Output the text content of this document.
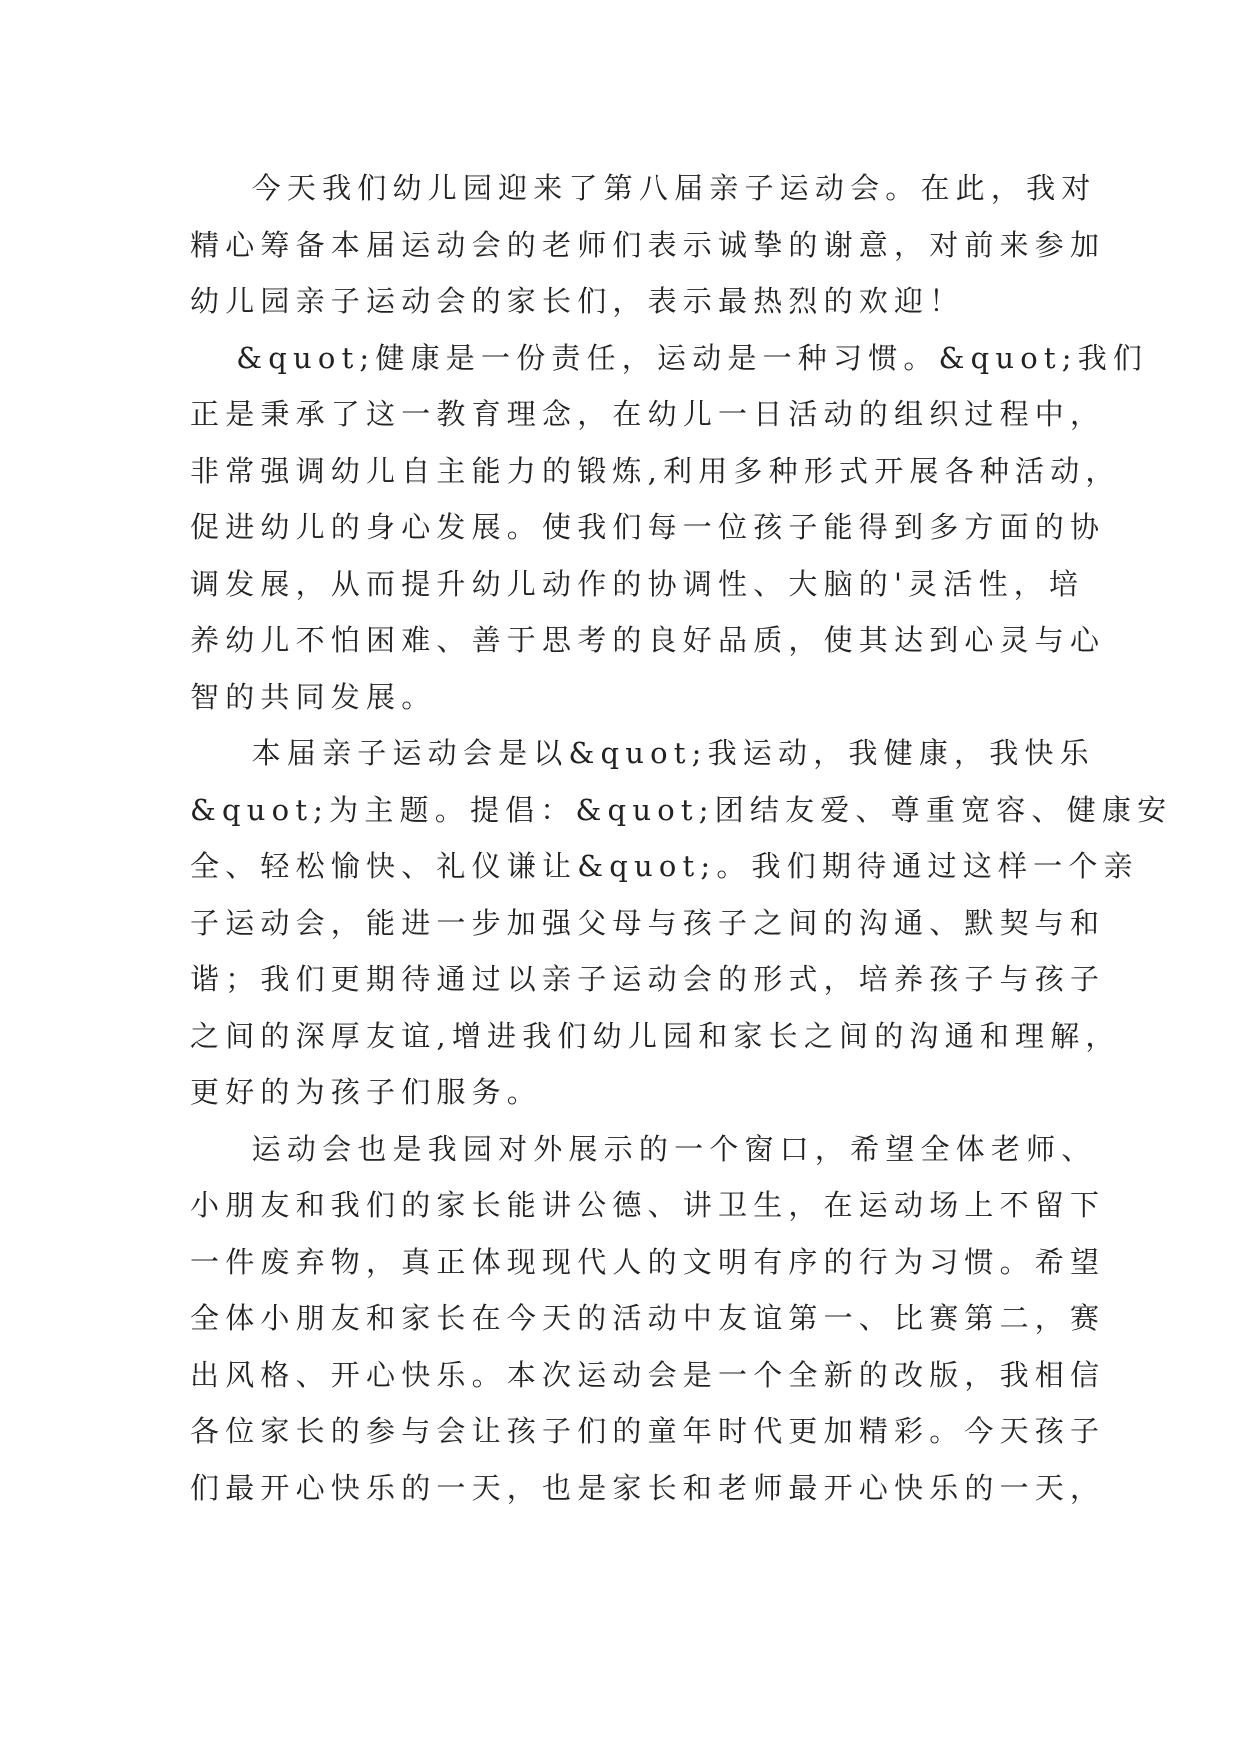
今天我们幼儿园迎来了第八届亲子运动会。在此，我对
精心筹备本届运动会的老师们表示诚挚的谢意，对前来参加
幼儿园亲子运动会的家长们，表示最热烈的欢迎！

&quot;健康是一份责任，运动是一种习惯。&quot;我们
正是秉承了这一教育理念，在幼儿一日活动的组织过程中，
非常强调幼儿自主能力的锻炼,利用多种形式开展各种活动，
促进幼儿的身心发展。使我们每一位孩子能得到多方面的协
调发展，从而提升幼儿动作的协调性、大脑的'灵活性，培
养幼儿不怕困难、善于思考的良好品质，使其达到心灵与心
智的共同发展。

本届亲子运动会是以&quot;我运动，我健康，我快乐
&quot;为主题。提倡：&quot;团结友爱、尊重宽容、健康安
全、轻松愉快、礼仪谦让&quot;。我们期待通过这样一个亲
子运动会，能进一步加强父母与孩子之间的沟通、默契与和
谐；我们更期待通过以亲子运动会的形式，培养孩子与孩子
之间的深厚友谊,增进我们幼儿园和家长之间的沟通和理解，
更好的为孩子们服务。

运动会也是我园对外展示的一个窗口，希望全体老师、
小朋友和我们的家长能讲公德、讲卫生，在运动场上不留下
一件废弃物，真正体现现代人的文明有序的行为习惯。希望
全体小朋友和家长在今天的活动中友谊第一、比赛第二，赛
出风格、开心快乐。本次运动会是一个全新的改版，我相信
各位家长的参与会让孩子们的童年时代更加精彩。今天孩子
们最开心快乐的一天，也是家长和老师最开心快乐的一天，
